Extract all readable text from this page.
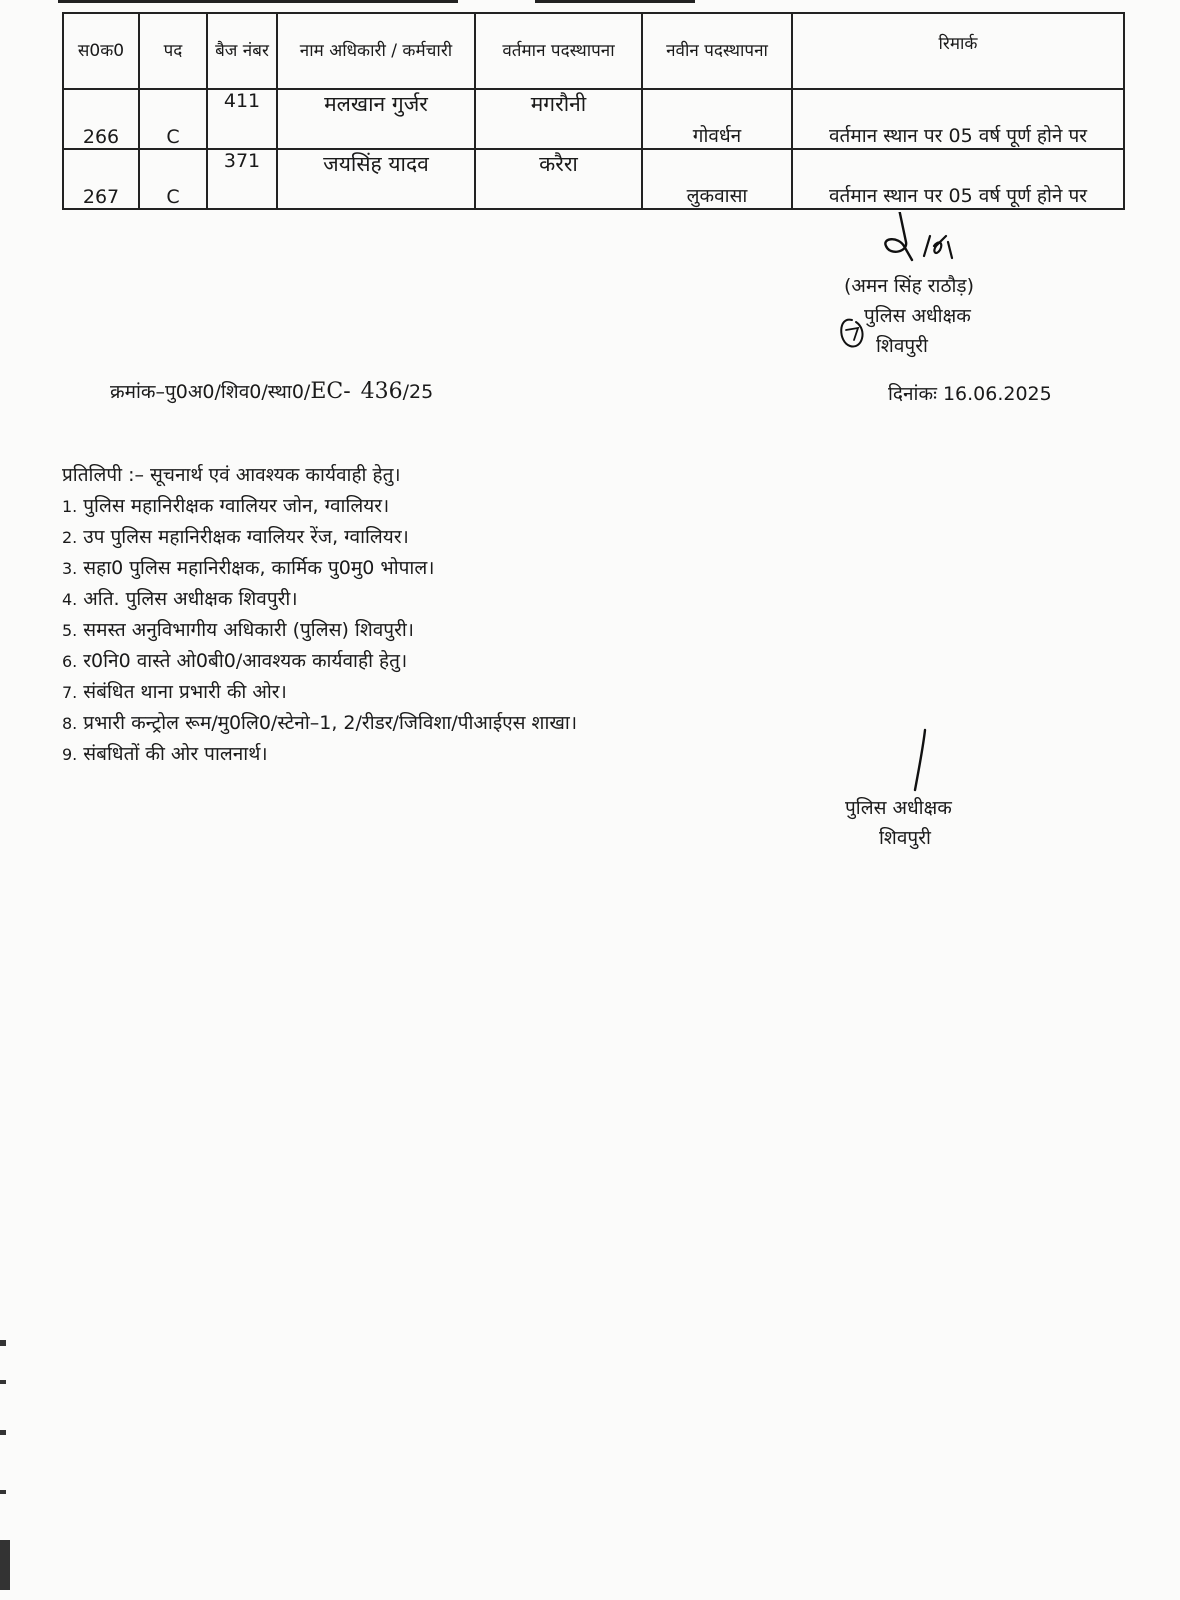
स0क0	पद	बैज नंबर	नाम अधिकारी / कर्मचारी	वर्तमान पदस्थापना	नवीन पदस्थापना	रिमार्क
266	C	411	मलखान गुर्जर	मगरौनी	गोवर्धन	वर्तमान स्थान पर 05 वर्ष पूर्ण होने पर
267	C	371	जयसिंह यादव	करैरा	लुकवासा	वर्तमान स्थान पर 05 वर्ष पूर्ण होने पर
(अमन सिंह राठौड़)
पुलिस अधीक्षक
शिवपुरी
क्रमांक–पु0अ0/शिव0/स्था0/EC- 436/25	दिनांकः 16.06.2025
प्रतिलिपी :– सूचनार्थ एवं आवश्यक कार्यवाही हेतु।
1. पुलिस महानिरीक्षक ग्वालियर जोन, ग्वालियर।
2. उप पुलिस महानिरीक्षक ग्वालियर रेंज, ग्वालियर।
3. सहा0 पुलिस महानिरीक्षक, कार्मिक पु0मु0 भोपाल।
4. अति. पुलिस अधीक्षक शिवपुरी।
5. समस्त अनुविभागीय अधिकारी (पुलिस) शिवपुरी।
6. र0नि0 वास्ते ओ0बी0/आवश्यक कार्यवाही हेतु।
7. संबंधित थाना प्रभारी की ओर।
8. प्रभारी कन्ट्रोल रूम/मु0लि0/स्टेनो–1, 2/रीडर/जिविशा/पीआईएस शाखा।
9. संबधितों की ओर पालनार्थ।
पुलिस अधीक्षक
शिवपुरी
